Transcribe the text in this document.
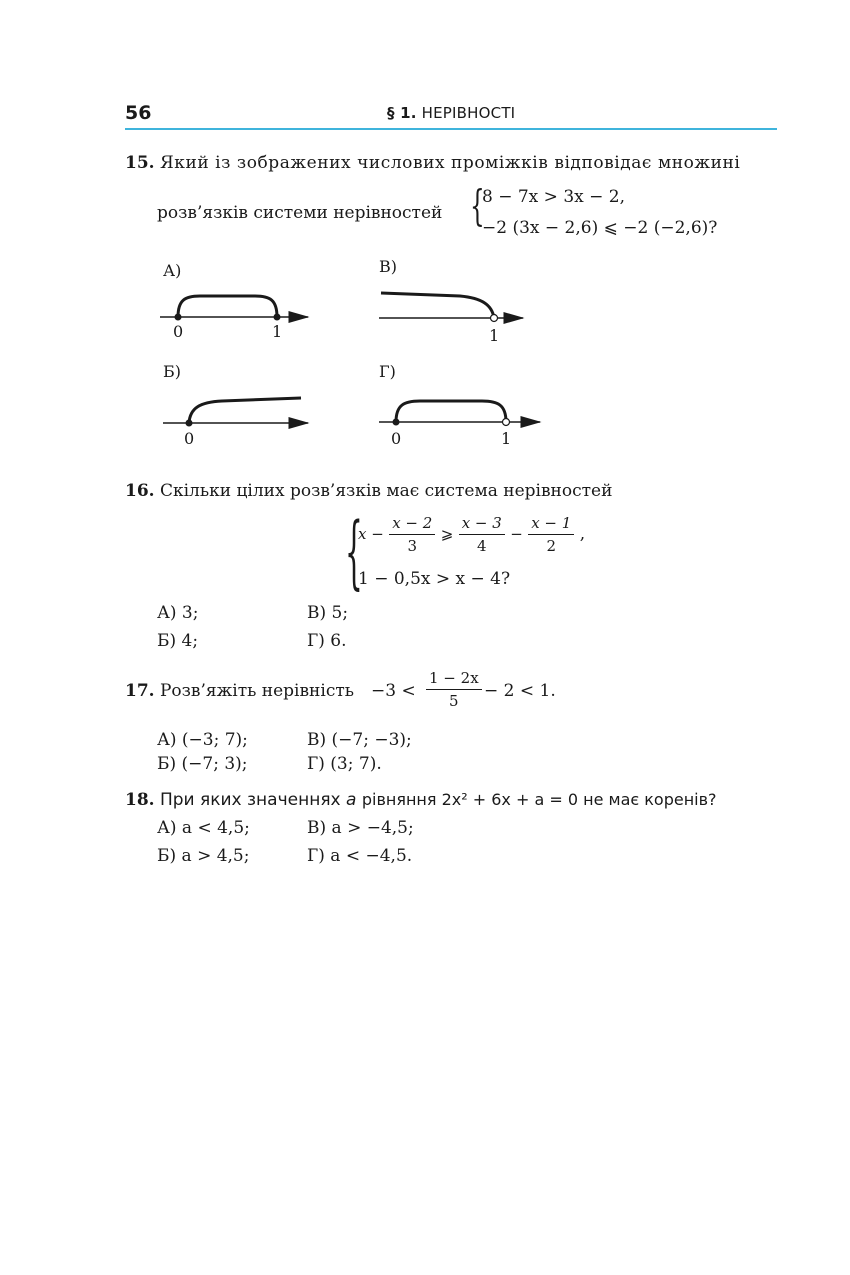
56	§ 1. НЕРІВНОСТІ
15. Який із зображених числових проміжків відповідає множині
розв’язків системи нерівностей {
8 − 7x > 3x − 2,
−2 (3x − 2,6) ⩽ −2 (−2,6)?
А)
0	1
В)
1
Б)
0
Г)
0	1
16. Скільки цілих розв’язків має система нерівностей
{
$x - \frac{x - 2}{3}$ ⩾ $\frac{x - 3}{4} - \frac{x - 1}{2}$ ,
1 − 0,5x > x − 4?
А) 3;	В) 5;
Б) 4;	Г) 6.
17. Розв’яжіть нерівність $-3 < \frac{1 - 2x}{5} - 2 < 1$.
А) (−3; 7);	В) (−7; −3);
Б) (−7; 3);	Г) (3; 7).
18. При яких значеннях a рівняння 2x² + 6x + a = 0 не має коренів?
А) a < 4,5;	В) a > −4,5;
Б) a > 4,5;	Г) a < −4,5.
